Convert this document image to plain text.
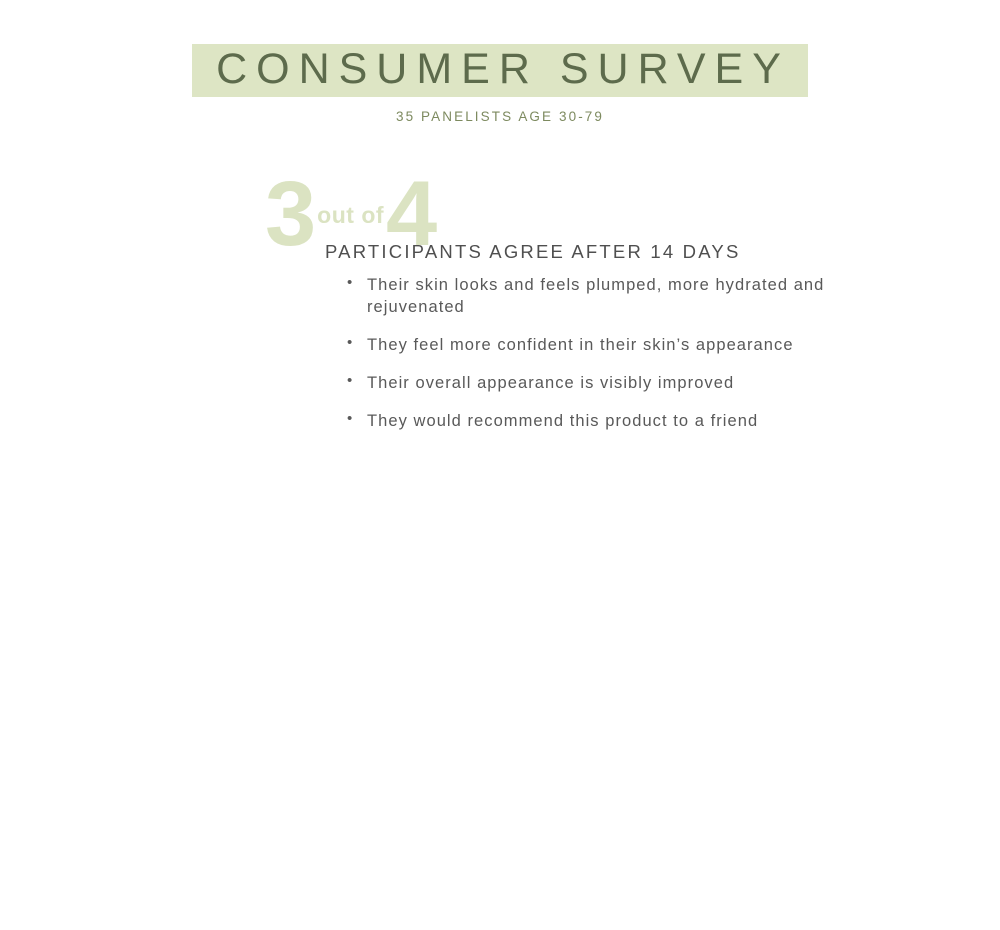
CONSUMER SURVEY
35 PANELISTS AGE 30-79
3 out of 4
PARTICIPANTS AGREE AFTER 14 DAYS
• Their skin looks and feels plumped, more hydrated and rejuvenated
• They feel more confident in their skin’s appearance
• Their overall appearance is visibly improved
• They would recommend this product to a friend
